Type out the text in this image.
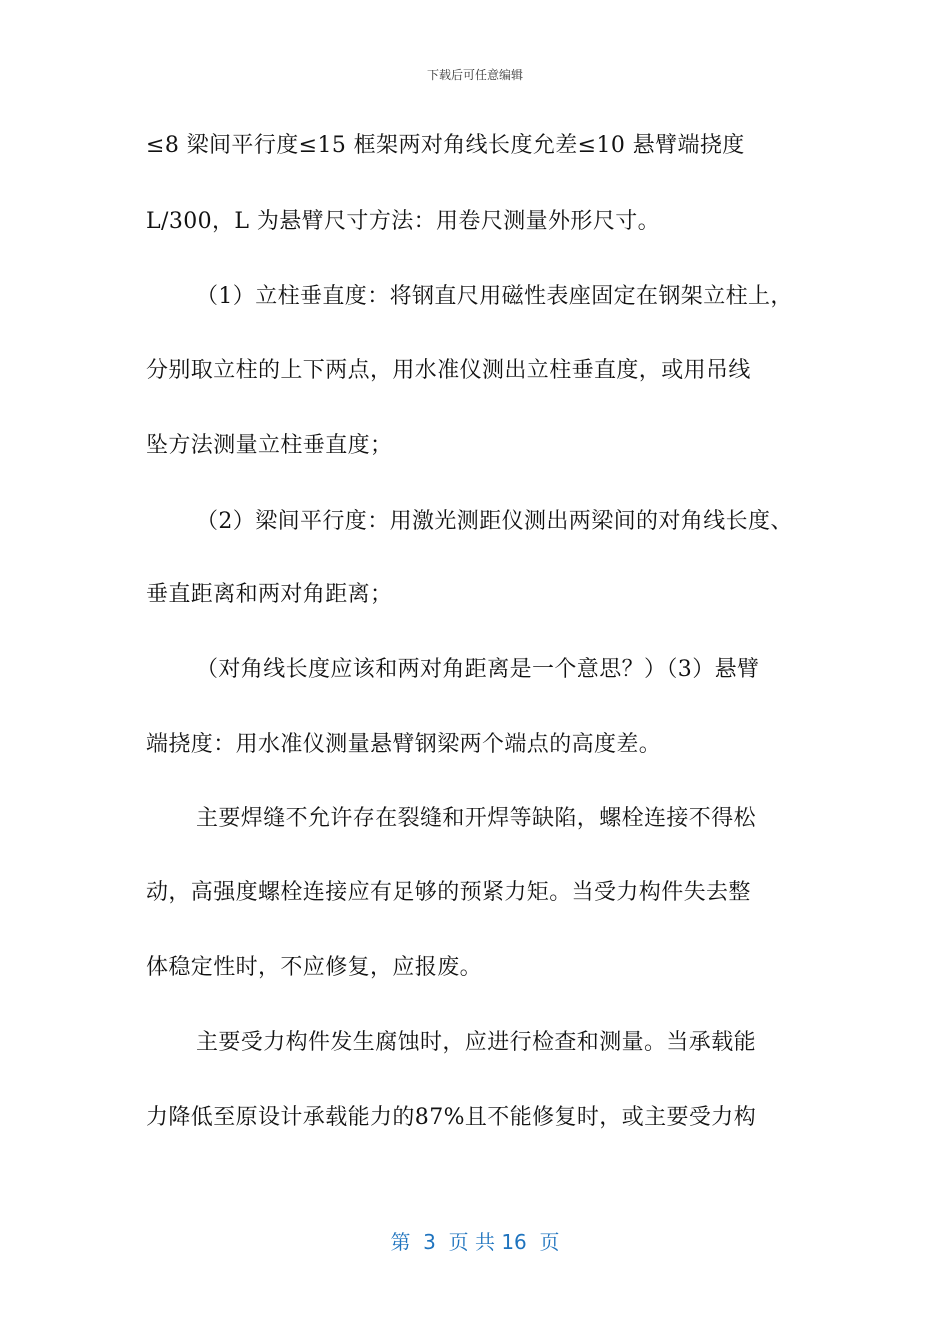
下载后可任意编辑
≤8 梁间平行度≤15 框架两对角线长度允差≤10 悬臂端挠度
L/300，L 为悬臂尺寸方法：用卷尺测量外形尺寸。
（1）立柱垂直度：将钢直尺用磁性表座固定在钢架立柱上，
分别取立柱的上下两点，用水准仪测出立柱垂直度，或用吊线
坠方法测量立柱垂直度；
（2）梁间平行度：用激光测距仪测出两梁间的对角线长度、
垂直距离和两对角距离；
（对角线长度应该和两对角距离是一个意思？）（3）悬臂
端挠度：用水准仪测量悬臂钢梁两个端点的高度差。
主要焊缝不允许存在裂缝和开焊等缺陷，螺栓连接不得松
动，高强度螺栓连接应有足够的预紧力矩。当受力构件失去整
体稳定性时，不应修复，应报废。
主要受力构件发生腐蚀时，应进行检查和测量。当承载能
力降低至原设计承载能力的87%且不能修复时，或主要受力构
第  3  页 共 16  页
